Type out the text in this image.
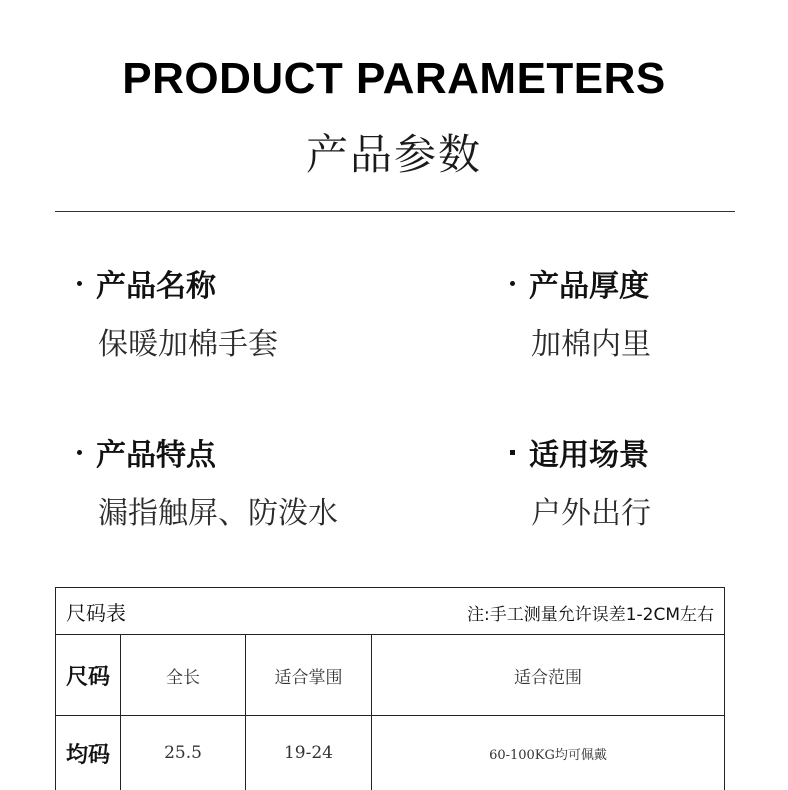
PRODUCT PARAMETERS
产品参数
产品名称
保暖加棉手套
产品厚度
加棉内里
产品特点
漏指触屏、防泼水
适用场景
户外出行
尺码表	注:手工测量允许误差1-2CM左右
尺码	全长	适合掌围	适合范围
均码	25.5	19-24	60-100KG均可佩戴
